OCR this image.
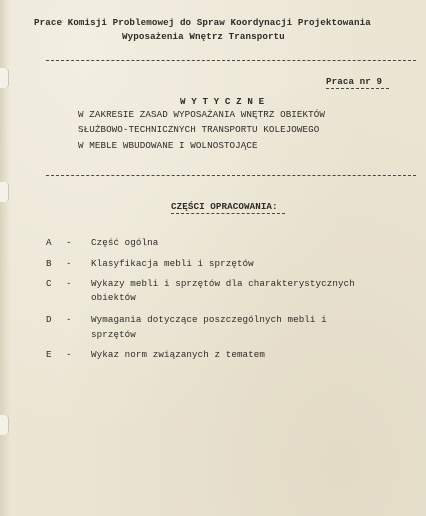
Prace Komisji Problemowej do Spraw Koordynacji Projektowania
Wyposażenia Wnętrz Transportu
Praca nr 9
W Y T Y C Z N E
W ZAKRESIE ZASAD WYPOSAŻANIA WNĘTRZ OBIEKTÓW
SŁUŻBOWO-TECHNICZNYCH TRANSPORTU KOLEJOWEGO
W MEBLE WBUDOWANE I WOLNOSTOJĄCE
CZĘŚCI OPRACOWANIA:
A - Część ogólna
B - Klasyfikacja mebli i sprzętów
C - Wykazy mebli i sprzętów dla charakterystycznych
obiektów
D - Wymagania dotyczące poszczególnych mebli i
sprzętów
E - Wykaz norm związanych z tematem
